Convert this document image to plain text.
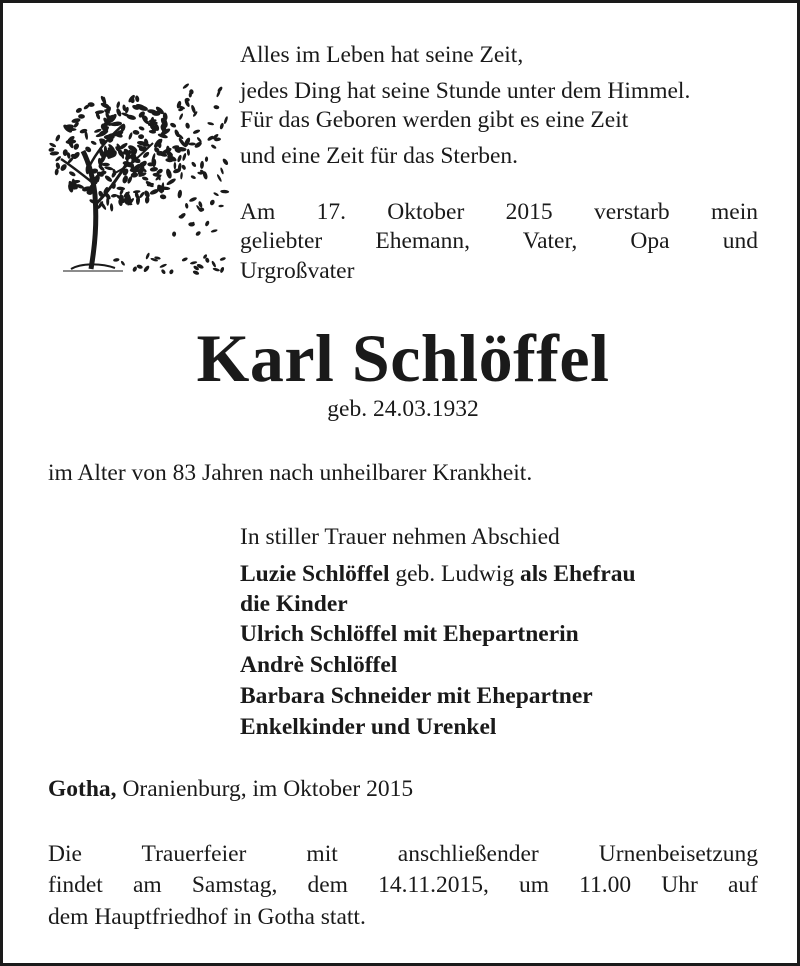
Alles im Leben hat seine Zeit,

jedes Ding hat seine Stunde unter dem Himmel.

Für das Geboren werden gibt es eine Zeit

und eine Zeit für das Sterben.

Am 17. Oktober 2015 verstarb mein

geliebter Ehemann, Vater, Opa und

Urgroßvater

Karl Schlöffel

geb. 24.03.1932

im Alter von 83 Jahren nach unheilbarer Krankheit.

In stiller Trauer nehmen Abschied

Luzie Schlöffel geb. Ludwig als Ehefrau

die Kinder

Ulrich Schlöffel mit Ehepartnerin

Andrè Schlöffel

Barbara Schneider mit Ehepartner

Enkelkinder und Urenkel

Gotha, Oranienburg, im Oktober 2015

Die Trauerfeier mit anschließender Urnenbeisetzung

findet am Samstag, dem 14.11.2015, um 11.00 Uhr auf

dem Hauptfriedhof in Gotha statt.
